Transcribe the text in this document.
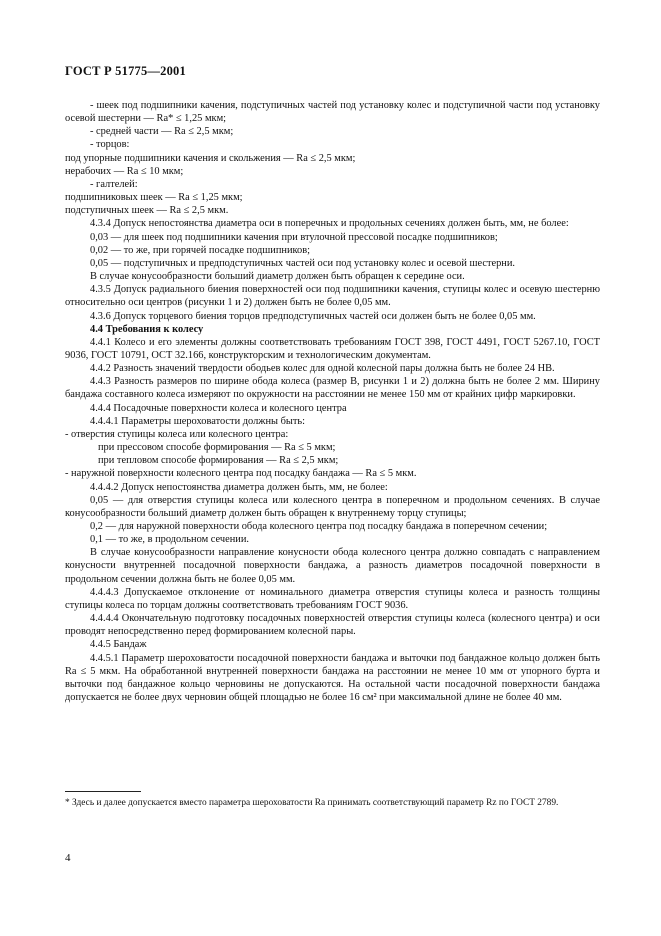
ГОСТ Р 51775—2001

- шеек под подшипники качения, подступичных частей под установку колес и подступичной части под установку осевой шестерни — Ra* ≤ 1,25 мкм;

- средней части — Ra ≤ 2,5 мкм;

- торцов:

под упорные подшипники качения и скольжения — Ra ≤ 2,5 мкм;

нерабочих — Ra ≤ 10 мкм;

- галтелей:

подшипниковых шеек — Ra ≤ 1,25 мкм;

подступичных шеек — Ra ≤ 2,5 мкм.

4.3.4 Допуск непостоянства диаметра оси в поперечных и продольных сечениях должен быть, мм, не более:

0,03 — для шеек под подшипники качения при втулочной прессовой посадке подшипников;

0,02 — то же, при горячей посадке подшипников;

0,05 — подступичных и предподступичных частей оси под установку колес и осевой шестерни.

В случае конусообразности больший диаметр должен быть обращен к середине оси.

4.3.5 Допуск радиального биения поверхностей оси под подшипники качения, ступицы колес и осевую шестерню относительно оси центров (рисунки 1 и 2) должен быть не более 0,05 мм.

4.3.6 Допуск торцевого биения торцов предподступичных частей оси должен быть не более 0,05 мм.

4.4 Требования к колесу

4.4.1 Колесо и его элементы должны соответствовать требованиям ГОСТ 398, ГОСТ 4491, ГОСТ 5267.10, ГОСТ 9036, ГОСТ 10791, ОСТ 32.166, конструкторским и технологическим документам.

4.4.2 Разность значений твердости ободьев колес для одной колесной пары должна быть не более 24 НВ.

4.4.3 Разность размеров по ширине обода колеса (размер B, рисунки 1 и 2) должна быть не более 2 мм. Ширину бандажа составного колеса измеряют по окружности на расстоянии не менее 150 мм от крайних цифр маркировки.

4.4.4 Посадочные поверхности колеса и колесного центра

4.4.4.1 Параметры шероховатости должны быть:

- отверстия ступицы колеса или колесного центра:

при прессовом способе формирования — Ra ≤ 5 мкм;

при тепловом способе формирования — Ra ≤ 2,5 мкм;

- наружной поверхности колесного центра под посадку бандажа — Ra ≤ 5 мкм.

4.4.4.2 Допуск непостоянства диаметра должен быть, мм, не более:

0,05 — для отверстия ступицы колеса или колесного центра в поперечном и продольном сечениях. В случае конусообразности больший диаметр должен быть обращен к внутреннему торцу ступицы;

0,2 — для наружной поверхности обода колесного центра под посадку бандажа в поперечном сечении;

0,1 — то же, в продольном сечении.

В случае конусообразности направление конусности обода колесного центра должно совпадать с направлением конусности внутренней посадочной поверхности бандажа, а разность диаметров посадочной поверхности в продольном сечении должна быть не более 0,05 мм.

4.4.4.3 Допускаемое отклонение от номинального диаметра отверстия ступицы колеса и разность толщины ступицы колеса по торцам должны соответствовать требованиям ГОСТ 9036.

4.4.4.4 Окончательную подготовку посадочных поверхностей отверстия ступицы колеса (колесного центра) и оси проводят непосредственно перед формированием колесной пары.

4.4.5 Бандаж

4.4.5.1 Параметр шероховатости посадочной поверхности бандажа и выточки под бандажное кольцо должен быть Ra ≤ 5 мкм. На обработанной внутренней поверхности бандажа на расстоянии не менее 10 мм от упорного бурта и выточки под бандажное кольцо черновины не допускаются. На остальной части посадочной поверхности бандажа допускается не более двух черновин общей площадью не более 16 см² при максимальной длине не более 40 мм.

* Здесь и далее допускается вместо параметра шероховатости Ra принимать соответствующий параметр Rz по ГОСТ 2789.
4
